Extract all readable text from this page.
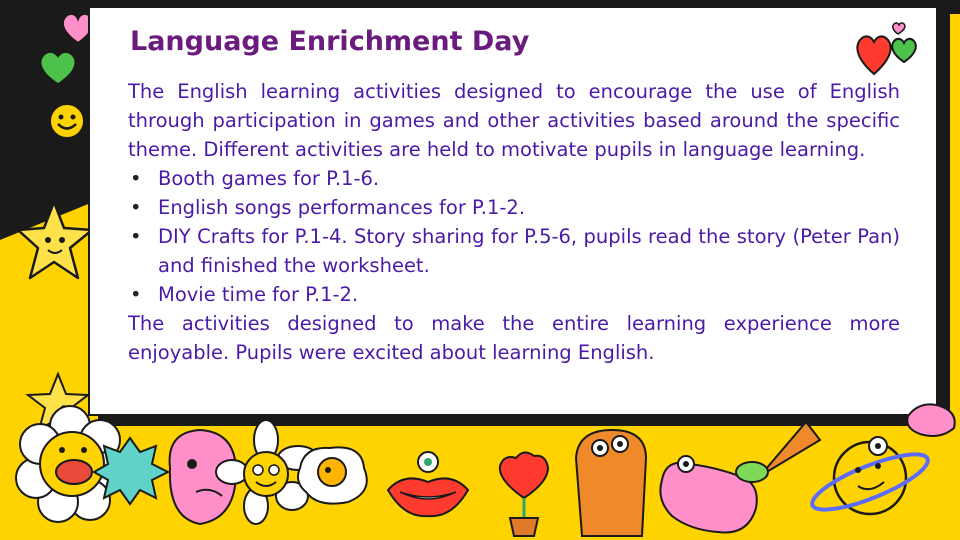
Language Enrichment Day

The English learning activities designed to encourage the use of English through participation in games and other activities based around the specific theme. Different activities are held to motivate pupils in language learning.

• Booth games for P.1-6.
• English songs performances for P.1-2.
• DIY Crafts for P.1-4. Story sharing for P.5-6, pupils read the story (Peter Pan) and finished the worksheet.
• Movie time for P.1-2.

The activities designed to make the entire learning experience more enjoyable. Pupils were excited about learning English.
